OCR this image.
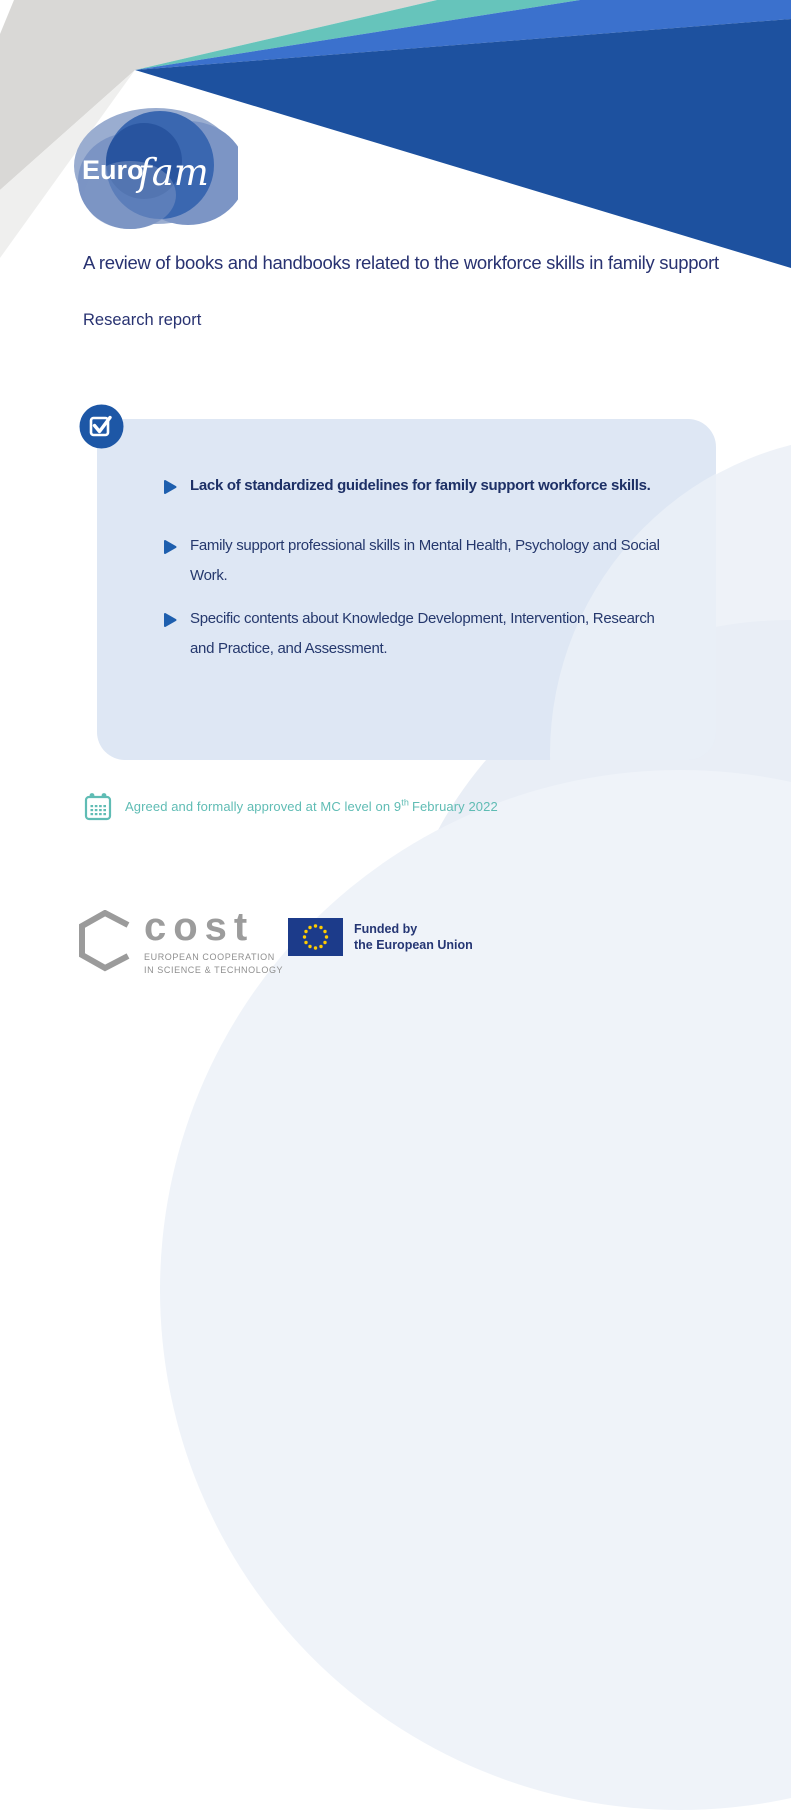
Euro
fam
A review of books and handbooks related to the workforce skills in family support
Research report
Lack of standardized guidelines for family support workforce skills.
Family support professional skills in Mental Health, Psychology and Social Work.
Specific contents about Knowledge Development, Intervention, Research and Practice, and Assessment.
Agreed and formally approved at MC level on 9th February 2022
cost
EUROPEAN COOPERATION
IN SCIENCE & TECHNOLOGY
Funded by
the European Union
